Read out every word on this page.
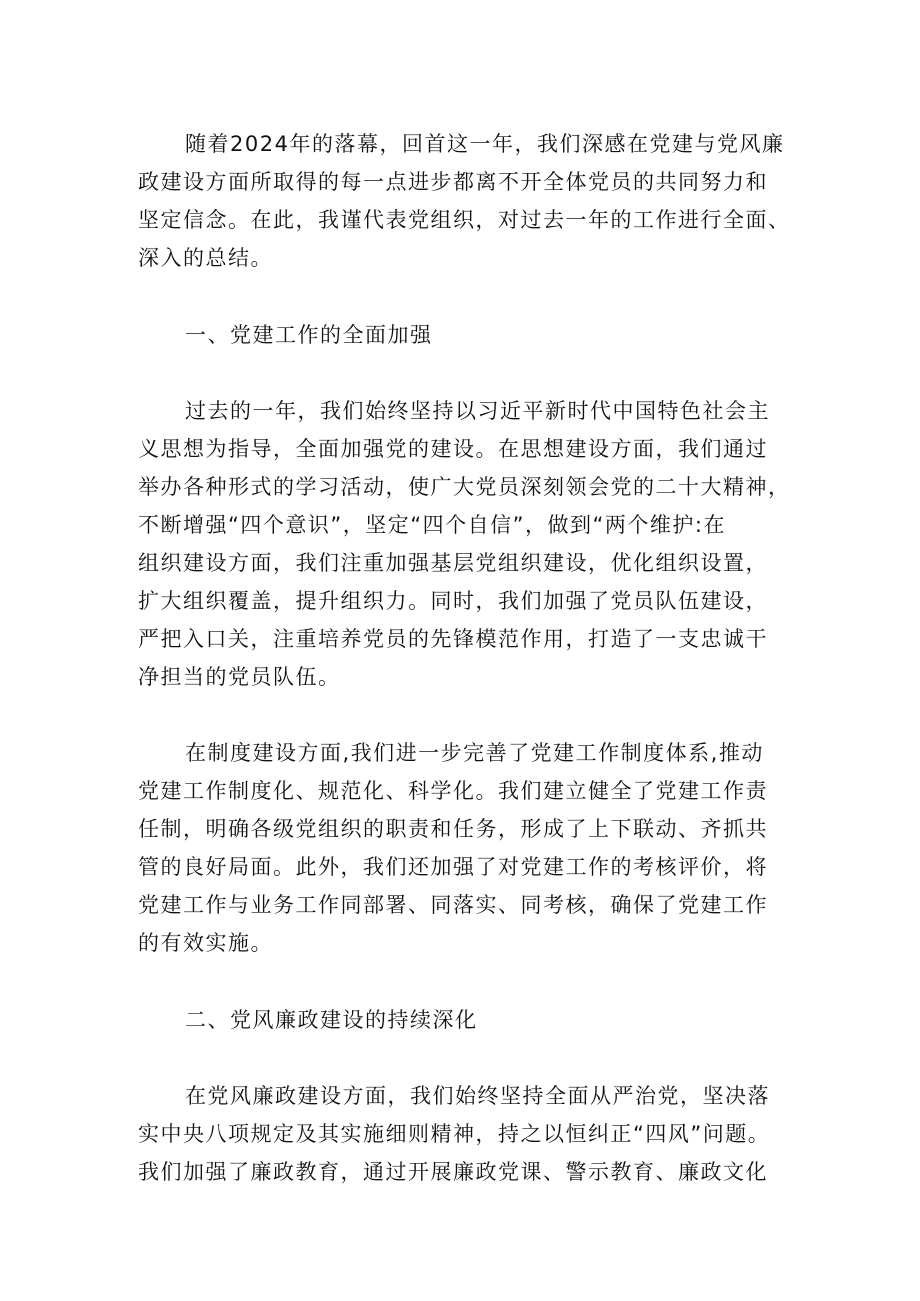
随着2024年的落幕，回首这一年，我们深感在党建与党风廉
政建设方面所取得的每一点进步都离不开全体党员的共同努力和
坚定信念。在此，我谨代表党组织，对过去一年的工作进行全面、
深入的总结。
一、党建工作的全面加强
过去的一年，我们始终坚持以习近平新时代中国特色社会主
义思想为指导，全面加强党的建设。在思想建设方面，我们通过
举办各种形式的学习活动，使广大党员深刻领会党的二十大精神，
不断增强“四个意识”，坚定“四个自信”，做到“两个维护:在
组织建设方面，我们注重加强基层党组织建设，优化组织设置，
扩大组织覆盖，提升组织力。同时，我们加强了党员队伍建设，
严把入口关，注重培养党员的先锋模范作用，打造了一支忠诚干
净担当的党员队伍。
在制度建设方面,我们进一步完善了党建工作制度体系,推动
党建工作制度化、规范化、科学化。我们建立健全了党建工作责
任制，明确各级党组织的职责和任务，形成了上下联动、齐抓共
管的良好局面。此外，我们还加强了对党建工作的考核评价，将
党建工作与业务工作同部署、同落实、同考核，确保了党建工作
的有效实施。
二、党风廉政建设的持续深化
在党风廉政建设方面，我们始终坚持全面从严治党，坚决落
实中央八项规定及其实施细则精神，持之以恒纠正“四风”问题。
我们加强了廉政教育，通过开展廉政党课、警示教育、廉政文化
